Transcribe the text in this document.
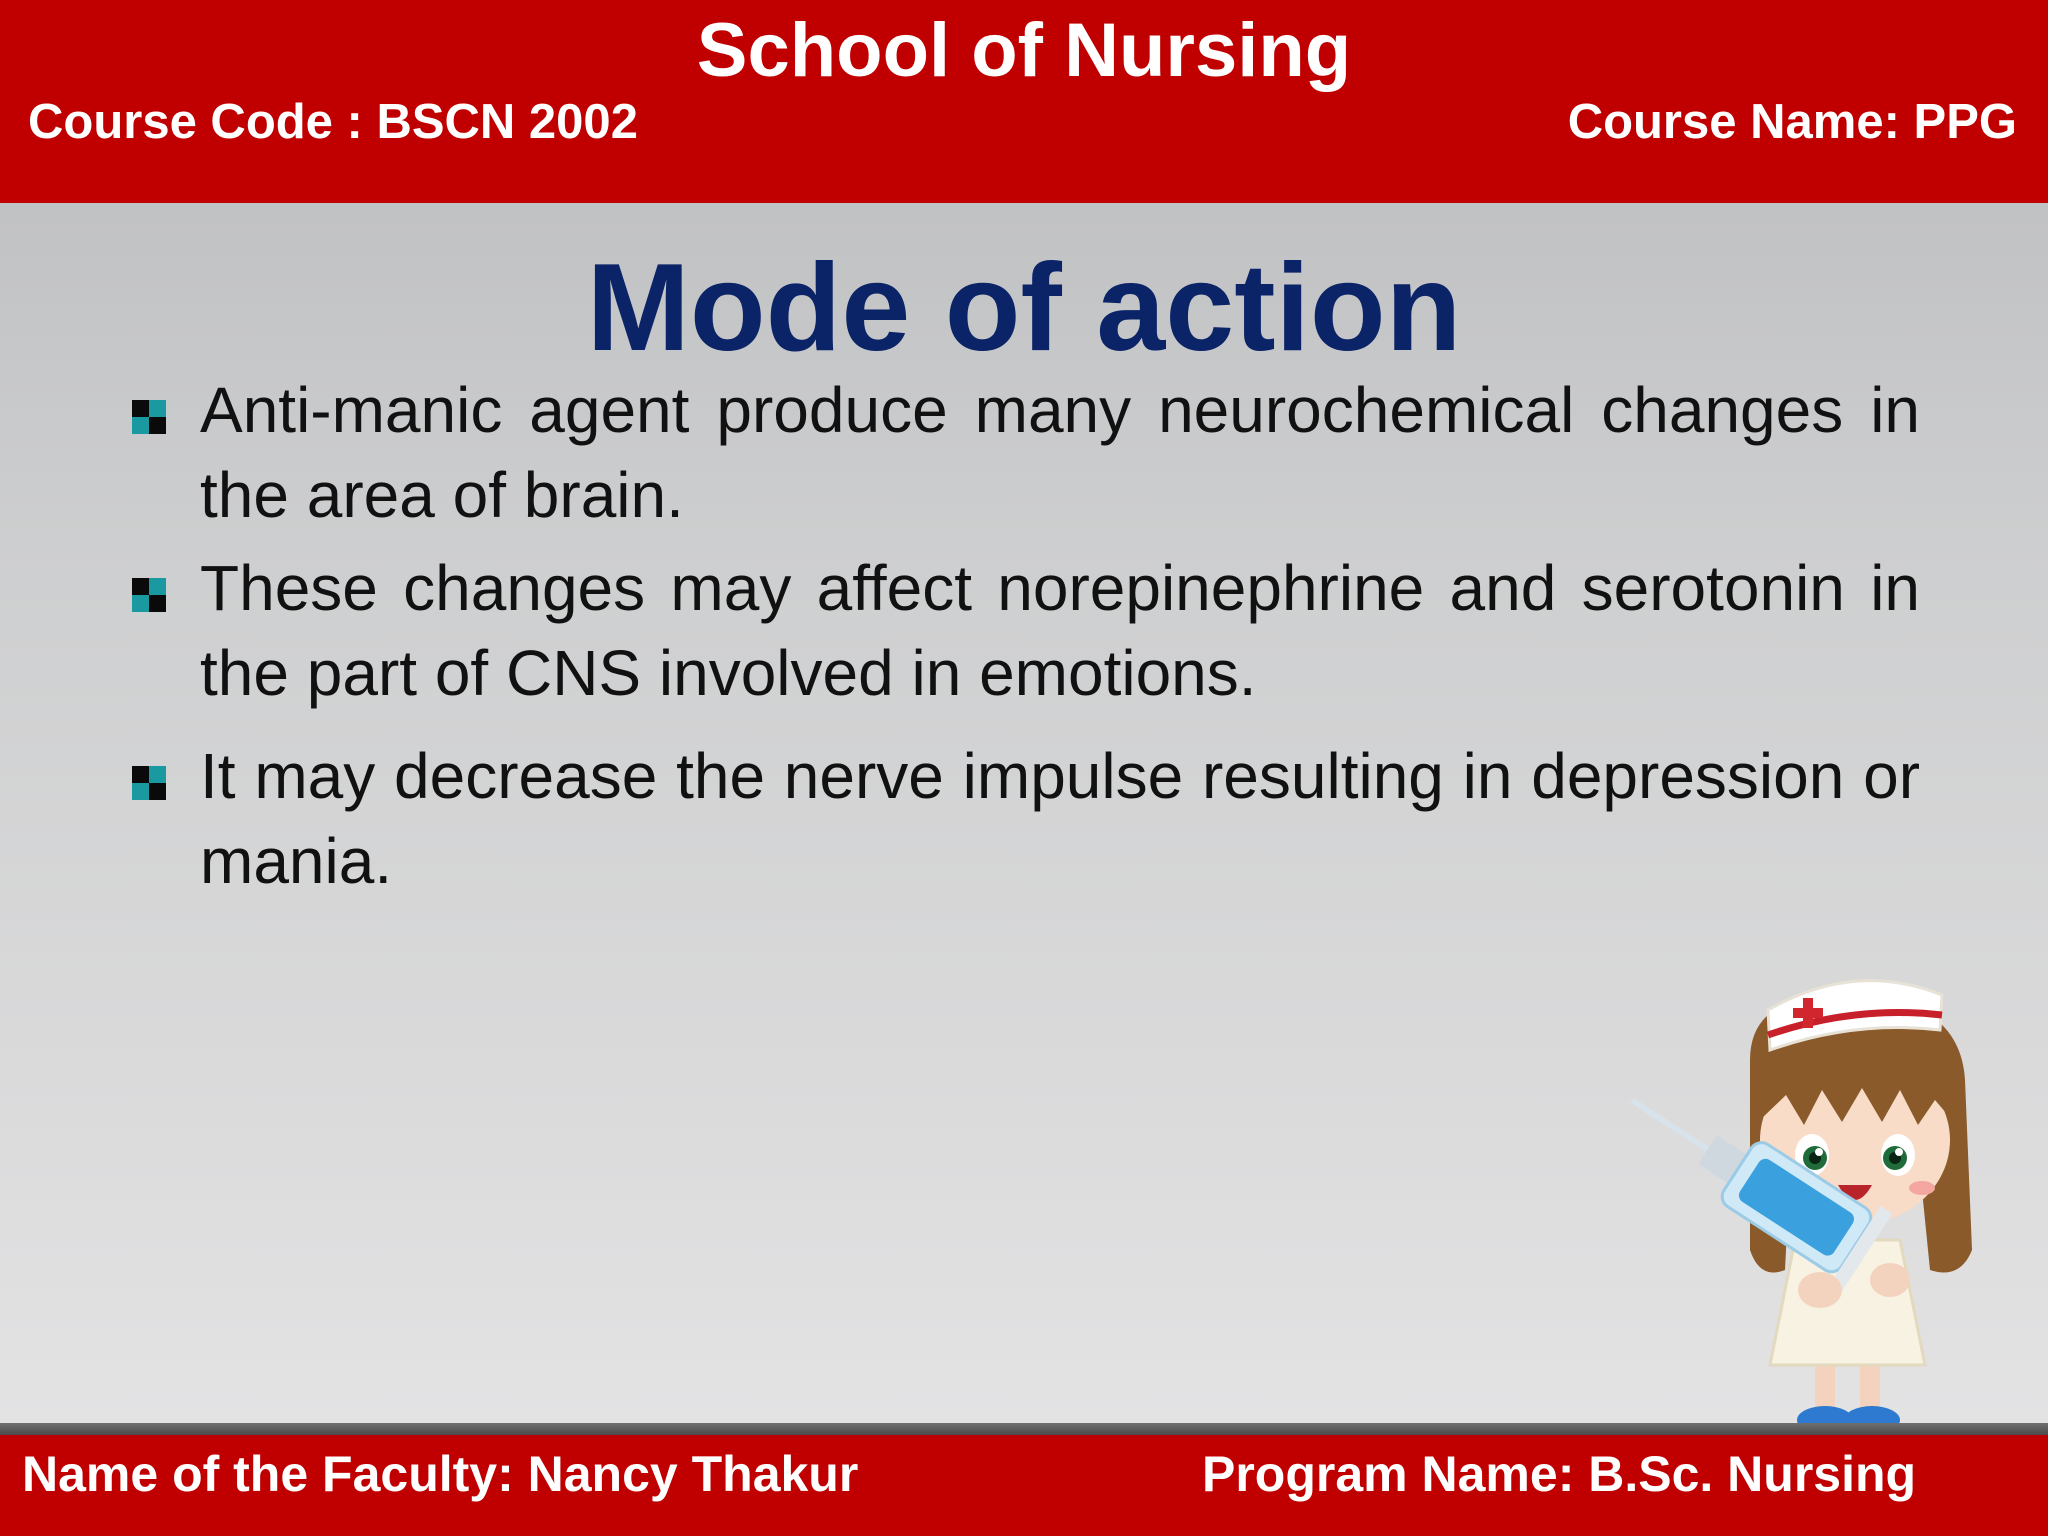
School of Nursing
Course Code : BSCN 2002	Course Name: PPG
Mode of action
Anti-manic agent produce many neurochemical changes in the area of brain.
These changes may affect norepinephrine and serotonin in the part of CNS involved in emotions.
It may decrease the nerve impulse resulting in depression or mania.
Name of the Faculty: Nancy Thakur	Program Name: B.Sc. Nursing
